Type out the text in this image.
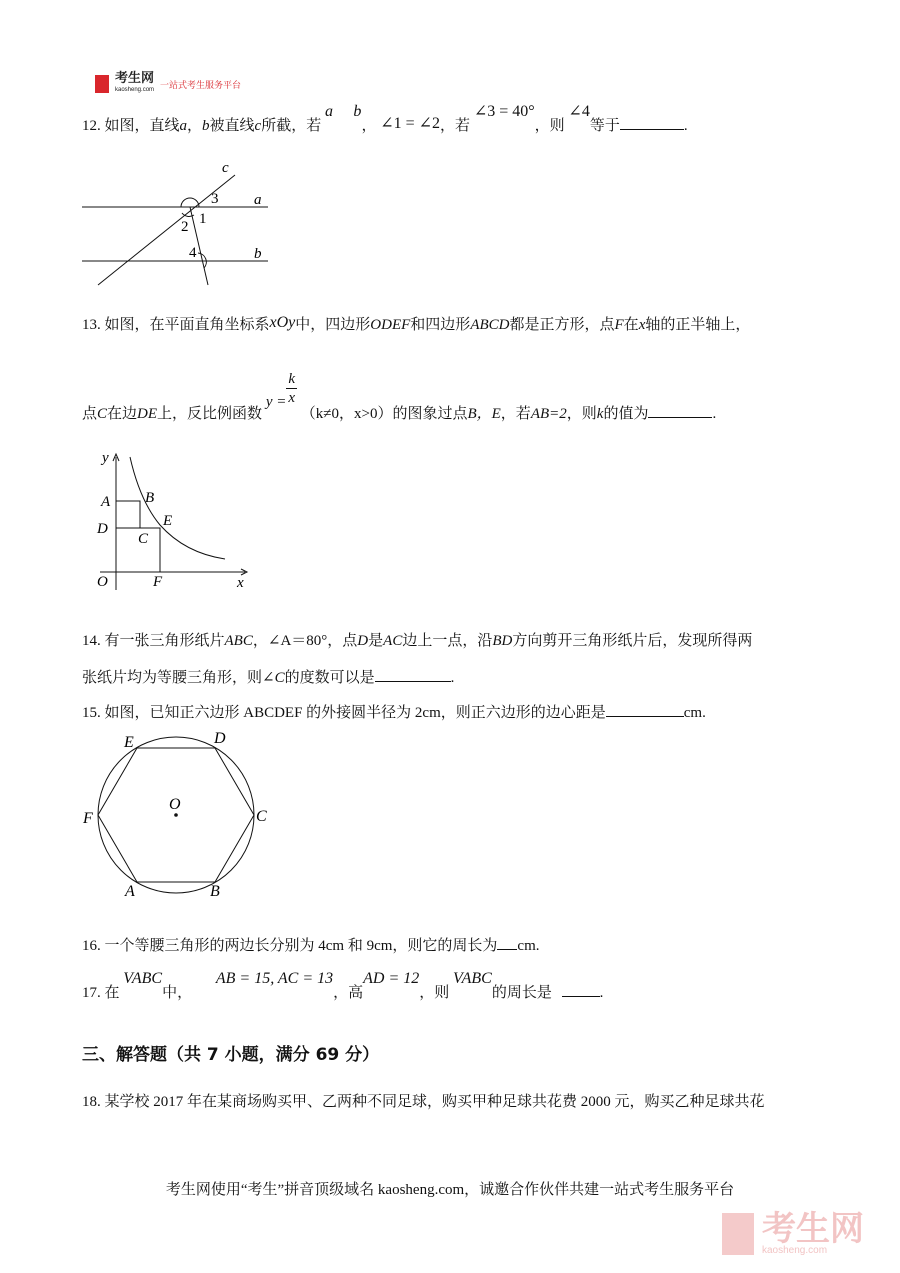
考生网
kaosheng.com
一站式考生服务平台
12. 如图，直线a，b被直线c所截，若 a ⃞ b， ∠1 = ∠2，若 ∠3 = 40°，则 ∠4等于	.
c
a
b
3
1
2
4
13. 如图，在平面直角坐标系xOy中，四边形ODEF和四边形ABCD都是正方形，点F在x轴的正半轴上，
点C在边DE上，反比例函数 $y = \frac{k}{x}$
（k≠0，x>0）的图象过点B，E，若AB=2，则k的值为	.
y
x
O
A B
D
C
E
F
14. 有一张三角形纸片ABC，∠A＝80°，点D是AC边上一点，沿BD方向剪开三角形纸片后，发现所得两
张纸片均为等腰三角形，则∠C的度数可以是	.
15. 如图，已知正六边形 ABCDEF 的外接圆半径为 2cm，则正六边形的边心距是	cm.
E	D
C
F
A	B
O
16. 一个等腰三角形的两边长分别为 4cm 和 9cm，则它的周长为 cm.
17. 在 VABC中， AB = 15, AC = 13，高AD = 12，则 VABC的周长是	.
三、解答题（共 7 小题，满分 69 分）
18. 某学校 2017 年在某商场购买甲、乙两种不同足球，购买甲种足球共花费 2000 元，购买乙种足球共花
考生网使用“考生”拼音顶级域名 kaosheng.com，诚邀合作伙伴共建一站式考生服务平台
考生网
kaosheng.com
